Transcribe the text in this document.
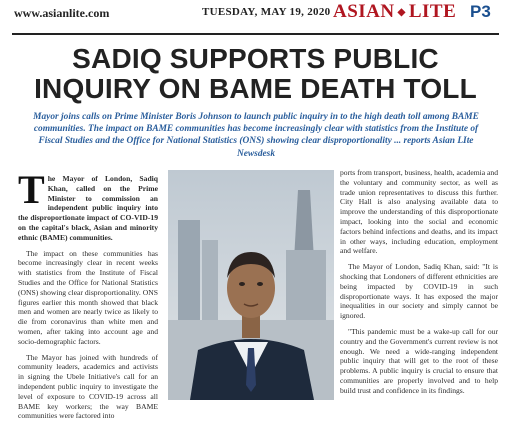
www.asianlite.com	TUESDAY, MAY 19, 2020 ASIAN ◆ LITE P3
SADIQ SUPPORTS PUBLIC
INQUIRY ON BAME DEATH TOLL
Mayor joins calls on Prime Minister Boris Johnson to launch public inquiry in to the high death toll among BAME communities. The impact on BAME communities has become increasingly clear with statistics from the Institute of Fiscal Studies and the Office for National Statistics (ONS) showing clear disproportionality ... reports Asian LIte Newsdesk

The Mayor of London, Sadiq Khan, called on the Prime Minister to commission an independent public inquiry into the disproportionate impact of CO-VID-19 on the capital's black, Asian and minority ethnic (BAME) communities.

The impact on these communities has become increasingly clear in recent weeks with statistics from the Institute of Fiscal Studies and the Office for National Statistics (ONS) showing clear disproportionality. ONS figures earlier this month showed that black men and women are nearly twice as likely to die from coronavirus than white men and women, after taking into account age and socio-demographic factors.

The Mayor has joined with hundreds of community leaders, academics and activists in signing the Ubele Initiative's call for an independent public inquiry to investigate the level of exposure to COVID-19 across all BAME key workers; the way BAME communities were factored into

ports from transport, business, health, academia and the voluntary and community sector, as well as trade union representatives to discuss this further. City Hall is also analysing available data to improve the understanding of this disproportionate impact, looking into the social and economic factors behind infections and deaths, and its impact in other ways, including education, employment and welfare.

The Mayor of London, Sadiq Khan, said: "It is shocking that Londoners of different ethnicities are being impacted by COVID-19 in such disproportionate ways. It has exposed the major inequalities in our society and simply cannot be ignored.

"This pandemic must be a wake-up call for our country and the Government's current review is not enough. We need a wide-ranging independent public inquiry that will get to the root of these problems. A public inquiry is crucial to ensure that communities are properly involved and to help build trust and confidence in its findings.
